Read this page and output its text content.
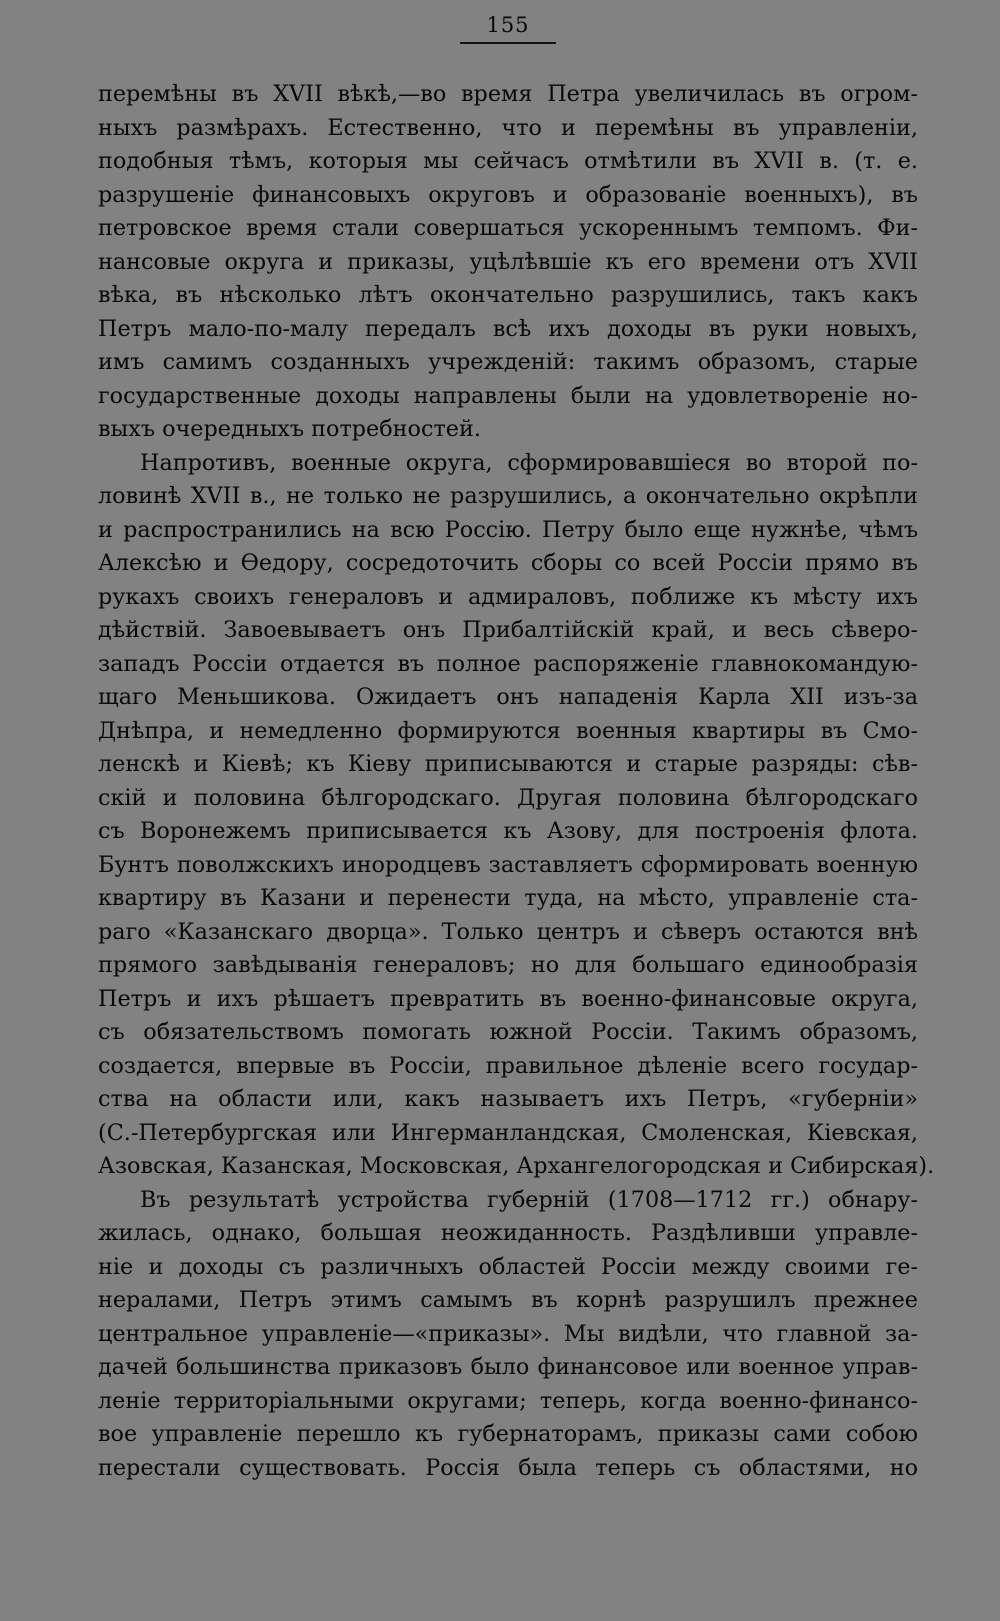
155

перемѣны въ XVII вѣкѣ,—во время Петра увеличилась въ огром-
ныхъ размѣрахъ. Естественно, что и перемѣны въ управленіи,
подобныя тѣмъ, которыя мы сейчасъ отмѣтили въ XVII в. (т. е.
разрушеніе финансовыхъ округовъ и образованіе военныхъ), въ
петровское время стали совершаться ускореннымъ темпомъ. Фи-
нансовые округа и приказы, уцѣлѣвшіе къ его времени отъ XVII
вѣка, въ нѣсколько лѣтъ окончательно разрушились, такъ какъ
Петръ мало-по-малу передалъ всѣ ихъ доходы въ руки новыхъ,
имъ самимъ созданныхъ учрежденій: такимъ образомъ, старые
государственные доходы направлены были на удовлетвореніе но-
выхъ очередныхъ потребностей.

Напротивъ, военные округа, сформировавшіеся во второй по-
ловинѣ XVII в., не только не разрушились, а окончательно окрѣпли
и распространились на всю Россію. Петру было еще нужнѣе, чѣмъ
Алексѣю и Ѳедору, сосредоточить сборы со всей Россіи прямо въ
рукахъ своихъ генераловъ и адмираловъ, поближе къ мѣсту ихъ
дѣйствій. Завоевываетъ онъ Прибалтійскій край, и весь сѣверо-
западъ Россіи отдается въ полное распоряженіе главнокомандую-
щаго Меньшикова. Ожидаетъ онъ нападенія Карла XII изъ-за
Днѣпра, и немедленно формируются военныя квартиры въ Смо-
ленскѣ и Кіевѣ; къ Кіеву приписываются и старые разряды: сѣв-
скій и половина бѣлгородскаго. Другая половина бѣлгородскаго
съ Воронежемъ приписывается къ Азову, для построенія флота.
Бунтъ поволжскихъ инородцевъ заставляетъ сформировать военную
квартиру въ Казани и перенести туда, на мѣсто, управленіе ста-
раго «Казанскаго дворца». Только центръ и сѣверъ остаются внѣ
прямого завѣдыванія генераловъ; но для большаго единообразія
Петръ и ихъ рѣшаетъ превратить въ военно-финансовые округа,
съ обязательствомъ помогать южной Россіи. Такимъ образомъ,
создается, впервые въ Россіи, правильное дѣленіе всего государ-
ства на области или, какъ называетъ ихъ Петръ, «губерніи»
(С.-Петербургская или Ингерманландская, Смоленская, Кіевская,
Азовская, Казанская, Московская, Архангелогородская и Сибирская).

Въ результатѣ устройства губерній (1708—1712 гг.) обнару-
жилась, однако, большая неожиданность. Раздѣливши управле-
ніе и доходы съ различныхъ областей Россіи между своими ге-
нералами, Петръ этимъ самымъ въ корнѣ разрушилъ прежнее
центральное управленіе—«приказы». Мы видѣли, что главной за-
дачей большинства приказовъ было финансовое или военное управ-
леніе территоріальными округами; теперь, когда военно-финансо-
вое управленіе перешло къ губернаторамъ, приказы сами собою
перестали существовать. Россія была теперь съ областями, но
